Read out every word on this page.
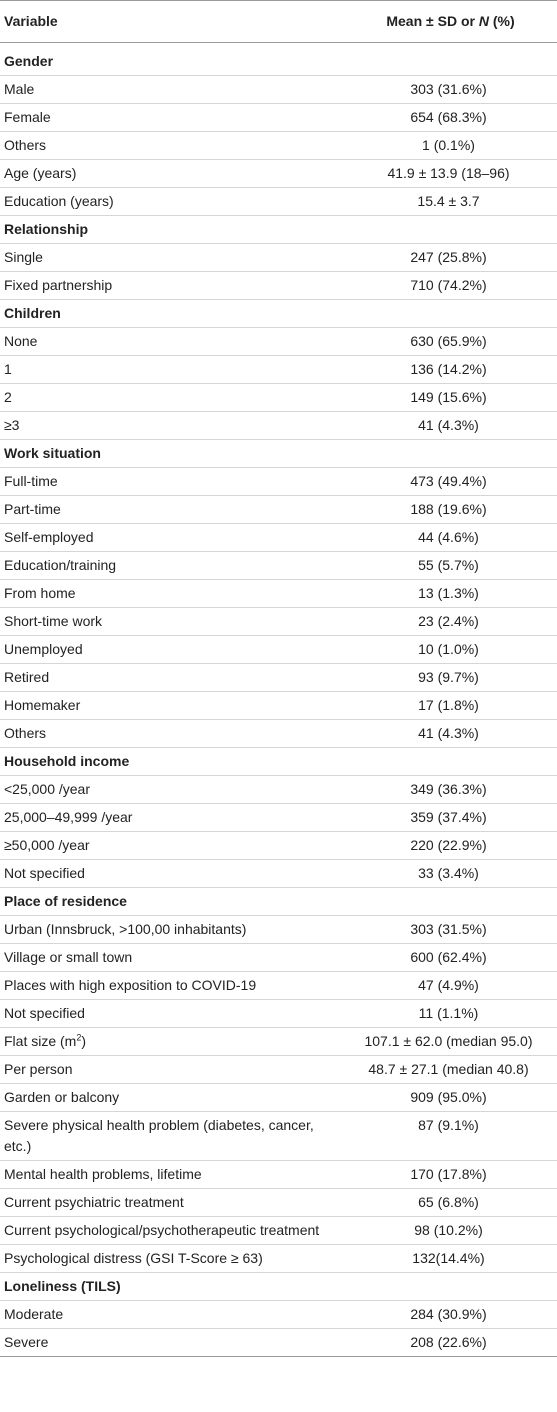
Variable	Mean ± SD or N (%)
Gender	
Male	303 (31.6%)
Female	654 (68.3%)
Others	1 (0.1%)
Age (years)	41.9 ± 13.9 (18–96)
Education (years)	15.4 ± 3.7
Relationship	
Single	247 (25.8%)
Fixed partnership	710 (74.2%)
Children	
None	630 (65.9%)
1	136 (14.2%)
2	149 (15.6%)
≥3	41 (4.3%)
Work situation	
Full-time	473 (49.4%)
Part-time	188 (19.6%)
Self-employed	44 (4.6%)
Education/training	55 (5.7%)
From home	13 (1.3%)
Short-time work	23 (2.4%)
Unemployed	10 (1.0%)
Retired	93 (9.7%)
Homemaker	17 (1.8%)
Others	41 (4.3%)
Household income	
<25,000 /year	349 (36.3%)
25,000–49,999 /year	359 (37.4%)
≥50,000 /year	220 (22.9%)
Not specified	33 (3.4%)
Place of residence	
Urban (Innsbruck, >100,00 inhabitants)	303 (31.5%)
Village or small town	600 (62.4%)
Places with high exposition to COVID-19	47 (4.9%)
Not specified	11 (1.1%)
Flat size $(m^2)$	107.1 ± 62.0 (median 95.0)
Per person	48.7 ± 27.1 (median 40.8)
Garden or balcony	909 (95.0%)
Severe physical health problem (diabetes, cancer, etc.)	87 (9.1%)
Mental health problems, lifetime	170 (17.8%)
Current psychiatric treatment	65 (6.8%)
Current psychological/psychotherapeutic treatment	98 (10.2%)
Psychological distress (GSI T-Score ≥ 63)	132(14.4%)
Loneliness (TILS)	
Moderate	284 (30.9%)
Severe	208 (22.6%)
